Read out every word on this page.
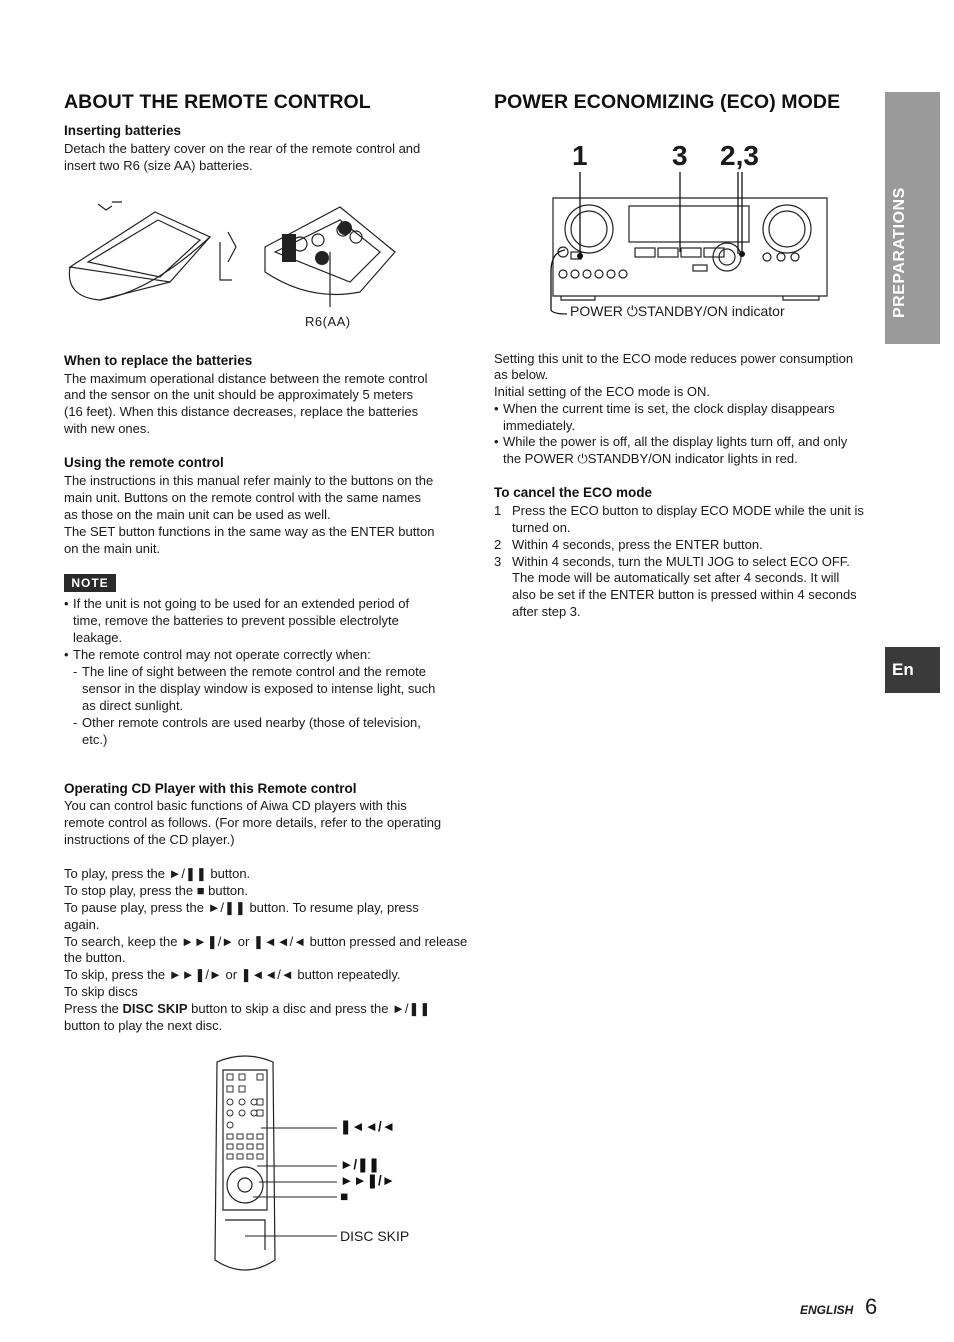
ABOUT THE REMOTE CONTROL
Inserting batteries

Detach the battery cover on the rear of the remote control and

insert two R6 (size AA) batteries.

R6(AA)

When to replace the batteries

The maximum operational distance between the remote control

and the sensor on the unit should be approximately 5 meters

(16 feet). When this distance decreases, replace the batteries

with new ones.

Using the remote control

The instructions in this manual refer mainly to the buttons on the

main unit. Buttons on the remote control with the same names

as those on the main unit can be used as well.

The SET button functions in the same way as the ENTER button

on the main unit.

NOTE

• If the unit is not going to be used for an extended period of

time, remove the batteries to prevent possible electrolyte

leakage.

• The remote control may not operate correctly when:

- The line of sight between the remote control and the remote

sensor in the display window is exposed to intense light, such

as direct sunlight.

- Other remote controls are used nearby (those of television,

etc.)

Operating CD Player with this Remote control

You can control basic functions of Aiwa CD players with this

remote control as follows. (For more details, refer to the operating

instructions of the CD player.)

To play, press the ►/❚❚ button.

To stop play, press the ■ button.

To pause play, press the ►/❚❚ button. To resume play, press

again.

To search, keep the ►►❚/► or ❚◄◄/◄ button pressed and release

the button.

To skip, press the ►►❚/► or ❚◄◄/◄ button repeatedly.

To skip discs

Press the DISC SKIP button to skip a disc and press the ►/❚❚

button to play the next disc.

❚◄◄/◄
►/❚❚
►►❚/►
■

DISC SKIP

POWER ECONOMIZING (ECO) MODE
1	3 2,3

POWER ⏻STANDBY/ON indicator

Setting this unit to the ECO mode reduces power consumption

as below.

Initial setting of the ECO mode is ON.

• When the current time is set, the clock display disappears

immediately.

• While the power is off, all the display lights turn off, and only

the POWER ⏻STANDBY/ON indicator lights in red.

To cancel the ECO mode

1 Press the ECO button to display ECO MODE while the unit is

turned on.

2 Within 4 seconds, press the ENTER button.

3 Within 4 seconds, turn the MULTI JOG to select ECO OFF.

The mode will be automatically set after 4 seconds. It will

also be set if the ENTER button is pressed within 4 seconds

after step 3.

PREPARATIONS
En
ENGLISH 6
